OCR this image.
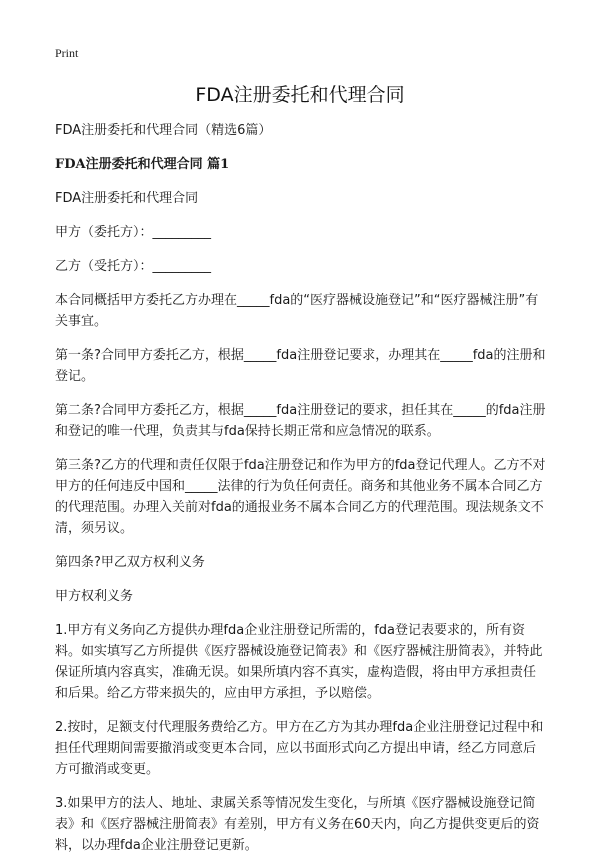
Print
FDA注册委托和代理合同

FDA注册委托和代理合同（精选6篇）

FDA注册委托和代理合同 篇1

FDA注册委托和代理合同

甲方（委托方）：_________

乙方（受托方）：_________

本合同概括甲方委托乙方办理在_____fda的“医疗器械设施登记”和“医疗器械注册”有关事宜。

第一条?合同甲方委托乙方，根据_____fda注册登记要求，办理其在_____fda的注册和登记。

第二条?合同甲方委托乙方，根据_____fda注册登记的要求，担任其在_____的fda注册和登记的唯一代理，负责其与fda保持长期正常和应急情况的联系。

第三条?乙方的代理和责任仅限于fda注册登记和作为甲方的fda登记代理人。乙方不对甲方的任何违反中国和_____法律的行为负任何责任。商务和其他业务不属本合同乙方的代理范围。办理入关前对fda的通报业务不属本合同乙方的代理范围。现法规条文不清，须另议。

第四条?甲乙双方权利义务

甲方权利义务

1.甲方有义务向乙方提供办理fda企业注册登记所需的，fda登记表要求的，所有资料。如实填写乙方所提供《医疗器械设施登记简表》和《医疗器械注册简表》，并特此保证所填内容真实，准确无误。如果所填内容不真实，虚构造假，将由甲方承担责任和后果。给乙方带来损失的，应由甲方承担，予以赔偿。

2.按时，足额支付代理服务费给乙方。甲方在乙方为其办理fda企业注册登记过程中和担任代理期间需要撤消或变更本合同，应以书面形式向乙方提出申请，经乙方同意后方可撤消或变更。

3.如果甲方的法人、地址、隶属关系等情况发生变化，与所填《医疗器械设施登记简表》和《医疗器械注册简表》有差别，甲方有义务在60天内，向乙方提供变更后的资料，以办理fda企业注册登记更新。
